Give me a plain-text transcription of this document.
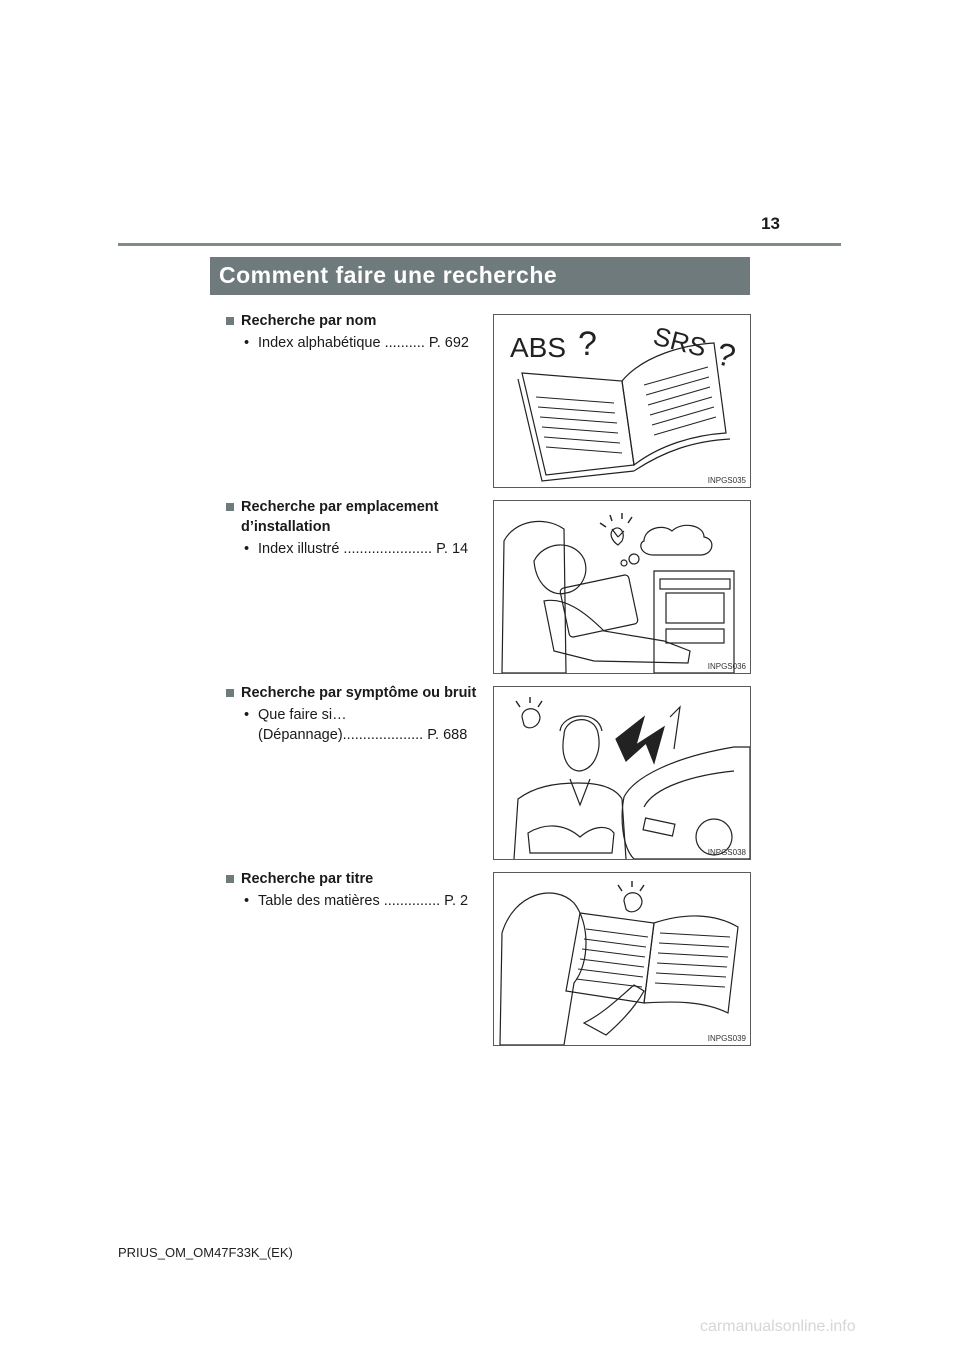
13
Comment faire une recherche
Recherche par nom
• Index alphabétique .......... P. 692
Recherche par emplacement d’installation
• Index illustré ...................... P. 14
Recherche par symptôme ou bruit
• Que faire si…
(Dépannage).................... P. 688
Recherche par titre
• Table des matières .............. P. 2
ABS ? SRS ?
INPGS035
INPGS036
INPGS038
INPGS039
PRIUS_OM_OM47F33K_(EK)
carmanualsonline.info
